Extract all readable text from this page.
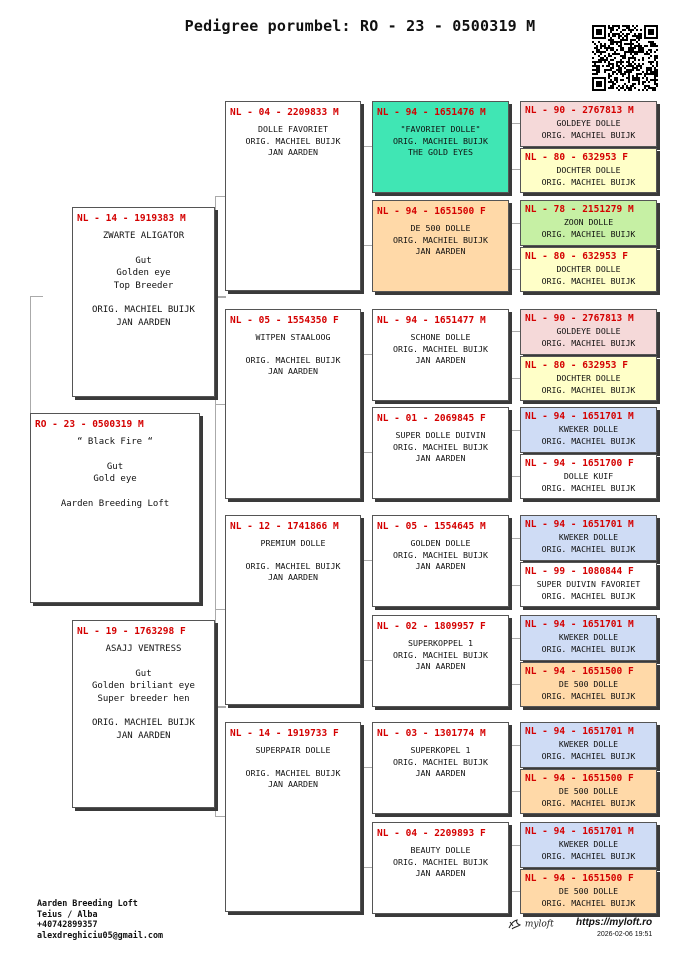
Pedigree porumbel: RO - 23 - 0500319 M
RO - 23 - 0500319 M
“ Black Fire “
Gut
Gold eye
Aarden Breeding Loft
NL - 14 - 1919383 M
ZWARTE ALIGATOR
Gut
Golden eye
Top Breeder
ORIG. MACHIEL BUIJK
JAN AARDEN
NL - 19 - 1763298 F
ASAJJ VENTRESS
Gut
Golden briliant eye
Super breeder hen
ORIG. MACHIEL BUIJK
JAN AARDEN
NL - 04 - 2209833 M
DOLLE FAVORIET
ORIG. MACHIEL BUIJK
JAN AARDEN
NL - 05 - 1554350 F
WITPEN STAALOOG
ORIG. MACHIEL BUIJK
JAN AARDEN
NL - 12 - 1741866 M
PREMIUM DOLLE
ORIG. MACHIEL BUIJK
JAN AARDEN
NL - 14 - 1919733 F
SUPERPAIR DOLLE
ORIG. MACHIEL BUIJK
JAN AARDEN
NL - 94 - 1651476 M
"FAVORIET DOLLE"
ORIG. MACHIEL BUIJK
THE GOLD EYES
NL - 94 - 1651500 F
DE 500 DOLLE
ORIG. MACHIEL BUIJK
JAN AARDEN
NL - 94 - 1651477 M
SCHONE DOLLE
ORIG. MACHIEL BUIJK
JAN AARDEN
NL - 01 - 2069845 F
SUPER DOLLE DUIVIN
ORIG. MACHIEL BUIJK
JAN AARDEN
NL - 05 - 1554645 M
GOLDEN DOLLE
ORIG. MACHIEL BUIJK
JAN AARDEN
NL - 02 - 1809957 F
SUPERKOPPEL 1
ORIG. MACHIEL BUIJK
JAN AARDEN
NL - 03 - 1301774 M
SUPERKOPEL 1
ORIG. MACHIEL BUIJK
JAN AARDEN
NL - 04 - 2209893 F
BEAUTY DOLLE
ORIG. MACHIEL BUIJK
JAN AARDEN
NL - 90 - 2767813 M
GOLDEYE DOLLE
ORIG. MACHIEL BUIJK
NL - 80 - 632953 F
DOCHTER DOLLE
ORIG. MACHIEL BUIJK
NL - 78 - 2151279 M
ZOON DOLLE
ORIG. MACHIEL BUIJK
NL - 80 - 632953 F
DOCHTER DOLLE
ORIG. MACHIEL BUIJK
NL - 90 - 2767813 M
GOLDEYE DOLLE
ORIG. MACHIEL BUIJK
NL - 80 - 632953 F
DOCHTER DOLLE
ORIG. MACHIEL BUIJK
NL - 94 - 1651701 M
KWEKER DOLLE
ORIG. MACHIEL BUIJK
NL - 94 - 1651700 F
DOLLE KUIF
ORIG. MACHIEL BUIJK
NL - 94 - 1651701 M
KWEKER DOLLE
ORIG. MACHIEL BUIJK
NL - 99 - 1080844 F
SUPER DUIVIN FAVORIET
ORIG. MACHIEL BUIJK
NL - 94 - 1651701 M
KWEKER DOLLE
ORIG. MACHIEL BUIJK
NL - 94 - 1651500 F
DE 500 DOLLE
ORIG. MACHIEL BUIJK
NL - 94 - 1651701 M
KWEKER DOLLE
ORIG. MACHIEL BUIJK
NL - 94 - 1651500 F
DE 500 DOLLE
ORIG. MACHIEL BUIJK
NL - 94 - 1651701 M
KWEKER DOLLE
ORIG. MACHIEL BUIJK
NL - 94 - 1651500 F
DE 500 DOLLE
ORIG. MACHIEL BUIJK
Aarden Breeding Loft
Teius / Alba
+40742899357
alexdreghiciu05@gmail.com
myloft https://myloft.ro
2026-02-06 19:51
